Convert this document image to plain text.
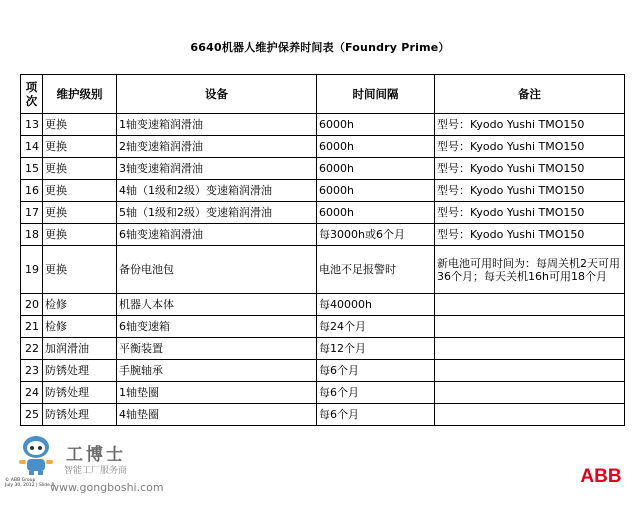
6640机器人维护保养时间表（Foundry Prime）
项
次	维护级别	设备	时间间隔	备注
13	更换	1轴变速箱润滑油	6000h	型号：Kyodo Yushi TMO150
14	更换	2轴变速箱润滑油	6000h	型号：Kyodo Yushi TMO150
15	更换	3轴变速箱润滑油	6000h	型号：Kyodo Yushi TMO150
16	更换	4轴（1级和2级）变速箱润滑油	6000h	型号：Kyodo Yushi TMO150
17	更换	5轴（1级和2级）变速箱润滑油	6000h	型号：Kyodo Yushi TMO150
18	更换	6轴变速箱润滑油	每3000h或6个月	型号：Kyodo Yushi TMO150
19	更换	备份电池包	电池不足报警时	新电池可用时间为：每周关机2天可用36个月；每天关机16h可用18个月
20	检修	机器人本体	每40000h	
21	检修	6轴变速箱	每24个月	
22	加润滑油	平衡装置	每12个月	
23	防锈处理	手腕轴承	每6个月	
24	防锈处理	1轴垫圈	每6个月	
25	防锈处理	4轴垫圈	每6个月	
工博士
智能工厂服务商
www.gongboshi.com
© ABB Group
July 30, 2012 | Slide 8	ABB
